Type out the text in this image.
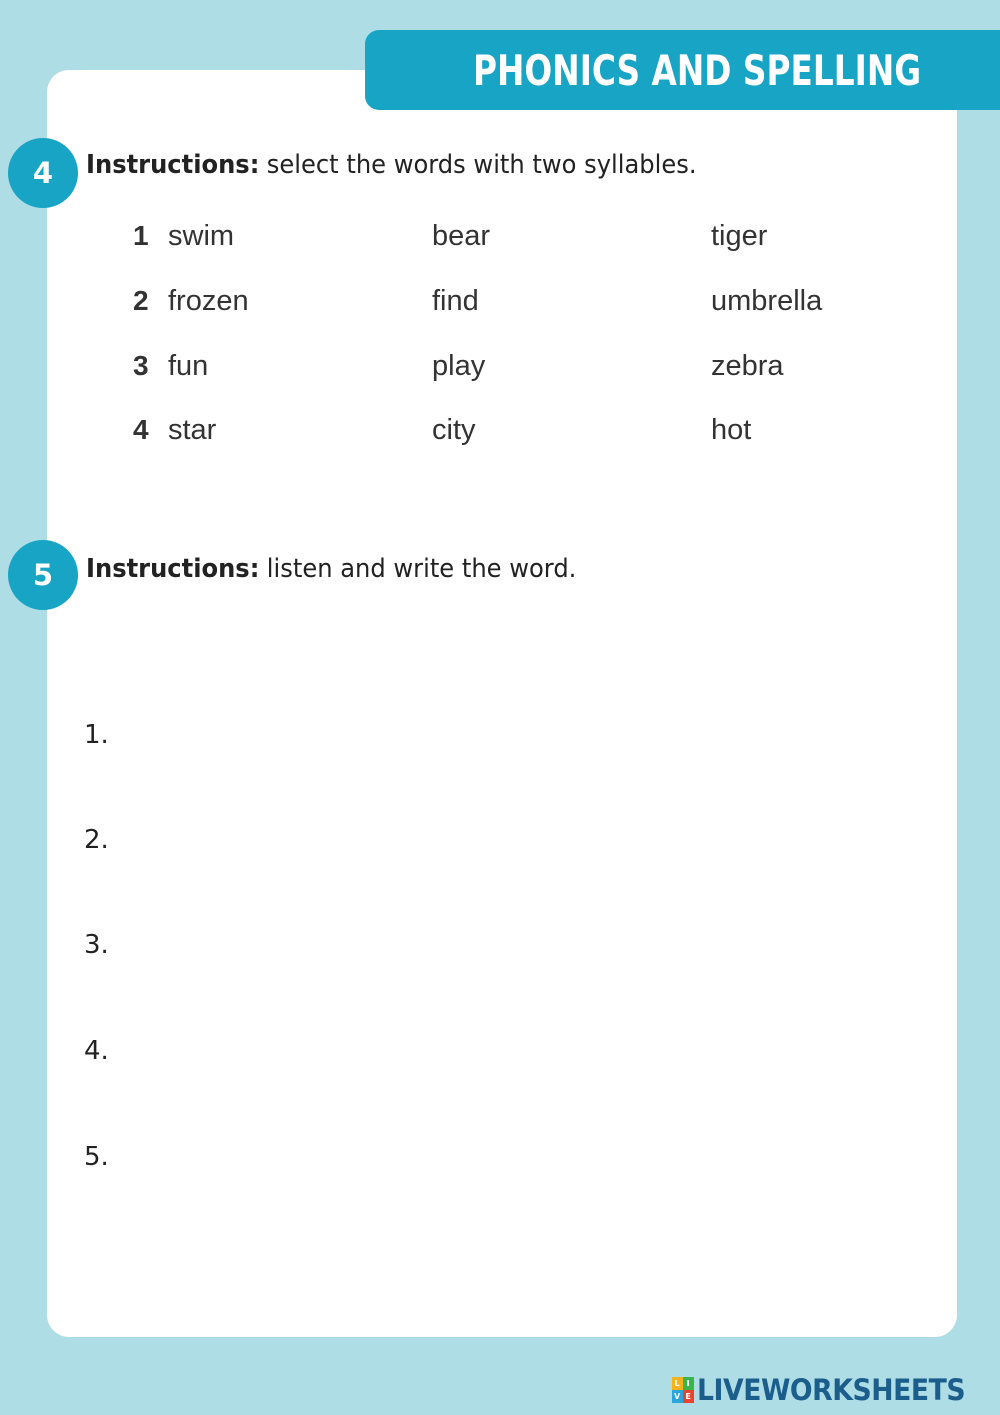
PHONICS AND SPELLING
4	Instructions: select the words with two syllables.
1 swim	bear	tiger
2 frozen	find	umbrella
3 fun	play	zebra
4 star	city	hot
5	Instructions: listen and write the word.
1.
2.
3.
4.
5.
L I
V E LIVEWORKSHEETS
